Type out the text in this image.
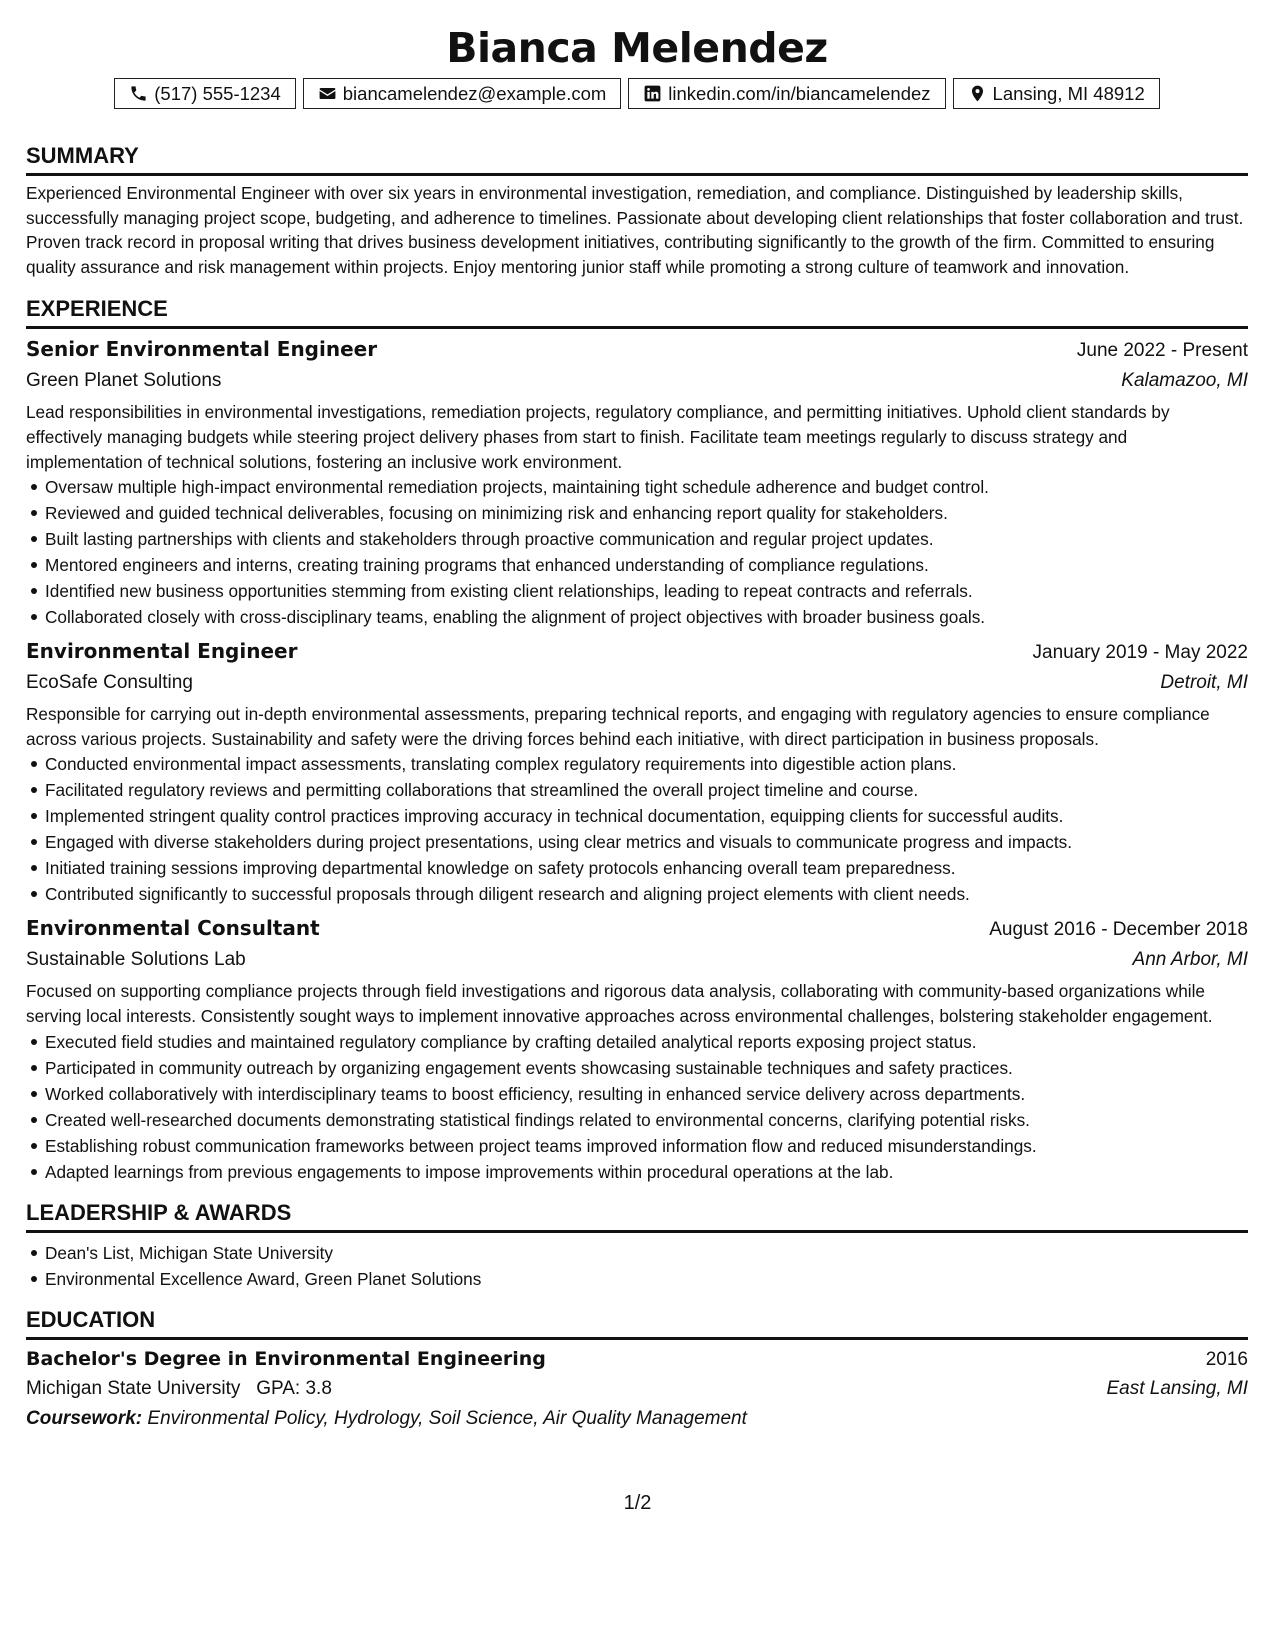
Bianca Melendez
(517) 555-1234	biancamelendez@example.com	linkedin.com/in/biancamelendez	Lansing, MI 48912
SUMMARY
Experienced Environmental Engineer with over six years in environmental investigation, remediation, and compliance. Distinguished by leadership skills, successfully managing project scope, budgeting, and adherence to timelines. Passionate about developing client relationships that foster collaboration and trust. Proven track record in proposal writing that drives business development initiatives, contributing significantly to the growth of the firm. Committed to ensuring quality assurance and risk management within projects. Enjoy mentoring junior staff while promoting a strong culture of teamwork and innovation.
EXPERIENCE
Senior Environmental Engineer	June 2022 - Present
Green Planet Solutions	Kalamazoo, MI
Lead responsibilities in environmental investigations, remediation projects, regulatory compliance, and permitting initiatives. Uphold client standards by effectively managing budgets while steering project delivery phases from start to finish. Facilitate team meetings regularly to discuss strategy and implementation of technical solutions, fostering an inclusive work environment.
Oversaw multiple high-impact environmental remediation projects, maintaining tight schedule adherence and budget control.
Reviewed and guided technical deliverables, focusing on minimizing risk and enhancing report quality for stakeholders.
Built lasting partnerships with clients and stakeholders through proactive communication and regular project updates.
Mentored engineers and interns, creating training programs that enhanced understanding of compliance regulations.
Identified new business opportunities stemming from existing client relationships, leading to repeat contracts and referrals.
Collaborated closely with cross-disciplinary teams, enabling the alignment of project objectives with broader business goals.
Environmental Engineer	January 2019 - May 2022
EcoSafe Consulting	Detroit, MI
Responsible for carrying out in-depth environmental assessments, preparing technical reports, and engaging with regulatory agencies to ensure compliance across various projects. Sustainability and safety were the driving forces behind each initiative, with direct participation in business proposals.
Conducted environmental impact assessments, translating complex regulatory requirements into digestible action plans.
Facilitated regulatory reviews and permitting collaborations that streamlined the overall project timeline and course.
Implemented stringent quality control practices improving accuracy in technical documentation, equipping clients for successful audits.
Engaged with diverse stakeholders during project presentations, using clear metrics and visuals to communicate progress and impacts.
Initiated training sessions improving departmental knowledge on safety protocols enhancing overall team preparedness.
Contributed significantly to successful proposals through diligent research and aligning project elements with client needs.
Environmental Consultant	August 2016 - December 2018
Sustainable Solutions Lab	Ann Arbor, MI
Focused on supporting compliance projects through field investigations and rigorous data analysis, collaborating with community-based organizations while serving local interests. Consistently sought ways to implement innovative approaches across environmental challenges, bolstering stakeholder engagement.
Executed field studies and maintained regulatory compliance by crafting detailed analytical reports exposing project status.
Participated in community outreach by organizing engagement events showcasing sustainable techniques and safety practices.
Worked collaboratively with interdisciplinary teams to boost efficiency, resulting in enhanced service delivery across departments.
Created well-researched documents demonstrating statistical findings related to environmental concerns, clarifying potential risks.
Establishing robust communication frameworks between project teams improved information flow and reduced misunderstandings.
Adapted learnings from previous engagements to impose improvements within procedural operations at the lab.
LEADERSHIP & AWARDS
Dean's List, Michigan State University
Environmental Excellence Award, Green Planet Solutions
EDUCATION
Bachelor's Degree in Environmental Engineering	2016
Michigan State University GPA: 3.8	East Lansing, MI
Coursework: Environmental Policy, Hydrology, Soil Science, Air Quality Management
1/2
